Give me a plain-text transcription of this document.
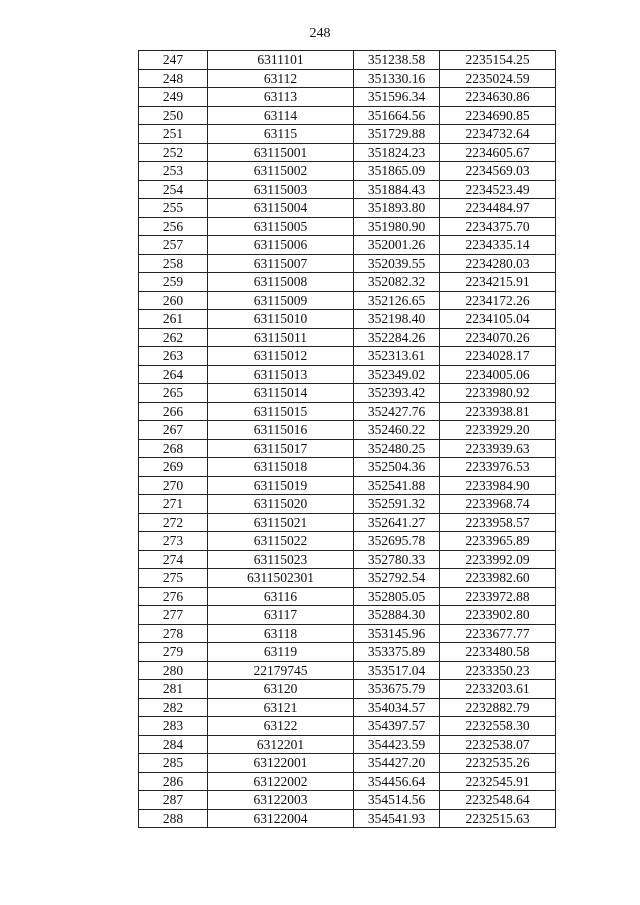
248
247	6311101	351238.58	2235154.25
248	63112	351330.16	2235024.59
249	63113	351596.34	2234630.86
250	63114	351664.56	2234690.85
251	63115	351729.88	2234732.64
252	63115001	351824.23	2234605.67
253	63115002	351865.09	2234569.03
254	63115003	351884.43	2234523.49
255	63115004	351893.80	2234484.97
256	63115005	351980.90	2234375.70
257	63115006	352001.26	2234335.14
258	63115007	352039.55	2234280.03
259	63115008	352082.32	2234215.91
260	63115009	352126.65	2234172.26
261	63115010	352198.40	2234105.04
262	63115011	352284.26	2234070.26
263	63115012	352313.61	2234028.17
264	63115013	352349.02	2234005.06
265	63115014	352393.42	2233980.92
266	63115015	352427.76	2233938.81
267	63115016	352460.22	2233929.20
268	63115017	352480.25	2233939.63
269	63115018	352504.36	2233976.53
270	63115019	352541.88	2233984.90
271	63115020	352591.32	2233968.74
272	63115021	352641.27	2233958.57
273	63115022	352695.78	2233965.89
274	63115023	352780.33	2233992.09
275	6311502301	352792.54	2233982.60
276	63116	352805.05	2233972.88
277	63117	352884.30	2233902.80
278	63118	353145.96	2233677.77
279	63119	353375.89	2233480.58
280	22179745	353517.04	2233350.23
281	63120	353675.79	2233203.61
282	63121	354034.57	2232882.79
283	63122	354397.57	2232558.30
284	6312201	354423.59	2232538.07
285	63122001	354427.20	2232535.26
286	63122002	354456.64	2232545.91
287	63122003	354514.56	2232548.64
288	63122004	354541.93	2232515.63
